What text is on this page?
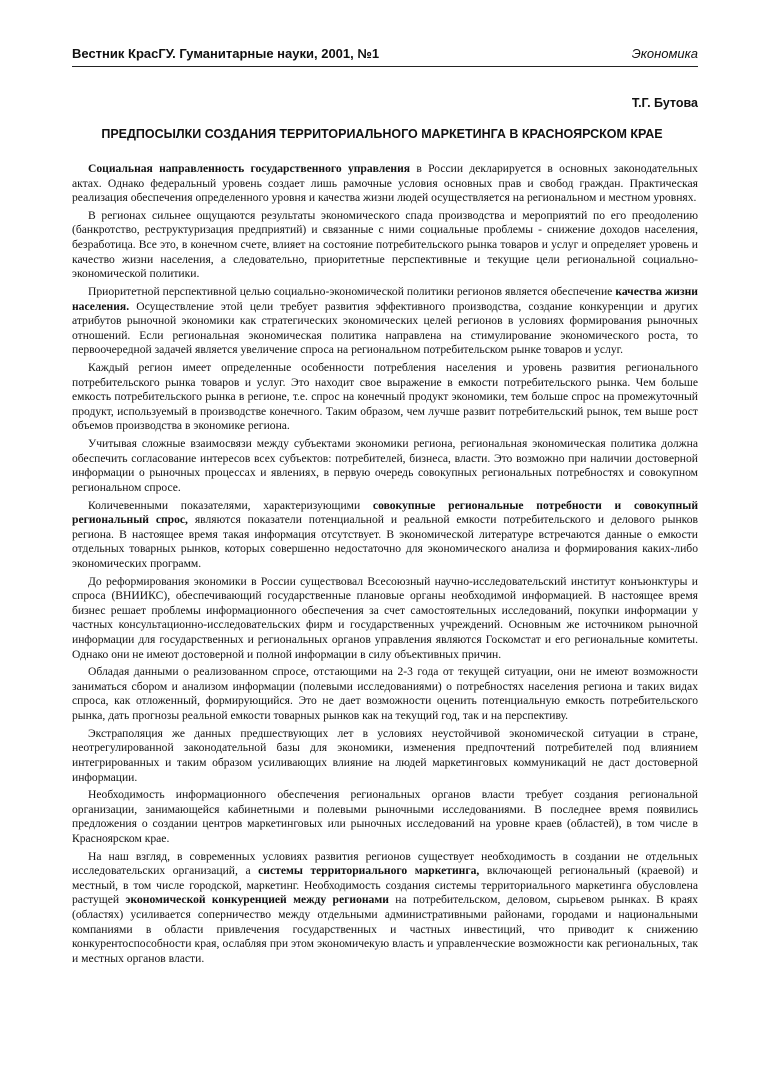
Вестник КрасГУ. Гуманитарные науки, 2001, №1	Экономика
Т.Г. Бутова
ПРЕДПОСЫЛКИ СОЗДАНИЯ ТЕРРИТОРИАЛЬНОГО МАРКЕТИНГА В КРАСНОЯРСКОМ КРАЕ

Социальная направленность государственного управления в России декларируется в основных законодательных актах. Однако федеральный уровень создает лишь рамочные условия основных прав и свобод граждан. Практическая реализация обеспечения определенного уровня и качества жизни людей осуществляется на региональном и местном уровнях.

В регионах сильнее ощущаются результаты экономического спада производства и мероприятий по его преодолению (банкротство, реструктуризация предприятий) и связанные с ними социальные проблемы - снижение доходов населения, безработица. Все это, в конечном счете, влияет на состояние потребительского рынка товаров и услуг и определяет уровень и качество жизни населения, а следовательно, приоритетные перспективные и текущие цели региональной социально-экономической политики.

Приоритетной перспективной целью социально-экономической политики регионов является обеспечение качества жизни населения. Осуществление этой цели требует развития эффективного производства, создание конкуренции и других атрибутов рыночной экономики как стратегических экономических целей регионов в условиях формирования рыночных отношений. Если региональная экономическая политика направлена на стимулирование экономического роста, то первоочередной задачей является увеличение спроса на региональном потребительском рынке товаров и услуг.

Каждый регион имеет определенные особенности потребления населения и уровень развития регионального потребительского рынка товаров и услуг. Это находит свое выражение в емкости потребительского рынка. Чем больше емкость потребительского рынка в регионе, т.е. спрос на конечный продукт экономики, тем больше спрос на промежуточный продукт, используемый в производстве конечного. Таким образом, чем лучше развит потребительский рынок, тем выше рост объемов производства в экономике региона.

Учитывая сложные взаимосвязи между субъектами экономики региона, региональная экономическая политика должна обеспечить согласование интересов всех субъектов: потребителей, бизнеса, власти. Это возможно при наличии достоверной информации о рыночных процессах и явлениях, в первую очередь совокупных региональных потребностях и совокупном региональном спросе.

Количевенными показателями, характеризующими совокупные региональные потребности и совокупный региональный спрос, являются показатели потенциальной и реальной емкости потребительского и делового рынков региона. В настоящее время такая информация отсутствует. В экономической литературе встречаются данные о емкости отдельных товарных рынков, которых совершенно недостаточно для экономического анализа и формирования каких-либо экономических программ.

До реформирования экономики в России существовал Всесоюзный научно-исследовательский институт конъюнктуры и спроса (ВНИИКС), обеспечивающий государственные плановые органы необходимой информацией. В настоящее время бизнес решает проблемы информационного обеспечения за счет самостоятельных исследований, покупки информации у частных консультационно-исследовательских фирм и государственных учреждений. Основным же источником рыночной информации для государственных и региональных органов управления являются Госкомстат и его региональные комитеты. Однако они не имеют достоверной и полной информации в силу объективных причин.

Обладая данными о реализованном спросе, отстающими на 2-3 года от текущей ситуации, они не имеют возможности заниматься сбором и анализом информации (полевыми исследованиями) о потребностях населения региона и таких видах спроса, как отложенный, формирующийся. Это не дает возможности оценить потенциальную емкость потребительского рынка, дать прогнозы реальной емкости товарных рынков как на текущий год, так и на перспективу.

Экстраполяция же данных предшествующих лет в условиях неустойчивой экономической ситуации в стране, неотрегулированной законодательной базы для экономики, изменения предпочтений потребителей под влиянием интегрированных и таким образом усиливающих влияние на людей маркетинговых коммуникаций не даст достоверной информации.

Необходимость информационного обеспечения региональных органов власти требует создания региональной организации, занимающейся кабинетными и полевыми рыночными исследованиями. В последнее время появились предложения о создании центров маркетинговых или рыночных исследований на уровне краев (областей), в том числе в Красноярском крае.

На наш взгляд, в современных условиях развития регионов существует необходимость в создании не отдельных исследовательских организаций, а системы территориального маркетинга, включающей региональный (краевой) и местный, в том числе городской, маркетинг. Необходимость создания системы территориального маркетинга обусловлена растущей экономической конкуренцией между регионами на потребительском, деловом, сырьевом рынках. В краях (областях) усиливается соперничество между отдельными административными районами, городами и национальными компаниями в области привлечения государственных и частных инвестиций, что приводит к снижению конкурентоспособности края, ослабляя при этом экономичекую власть и управленческие возможности как региональных, так и местных органов власти.
